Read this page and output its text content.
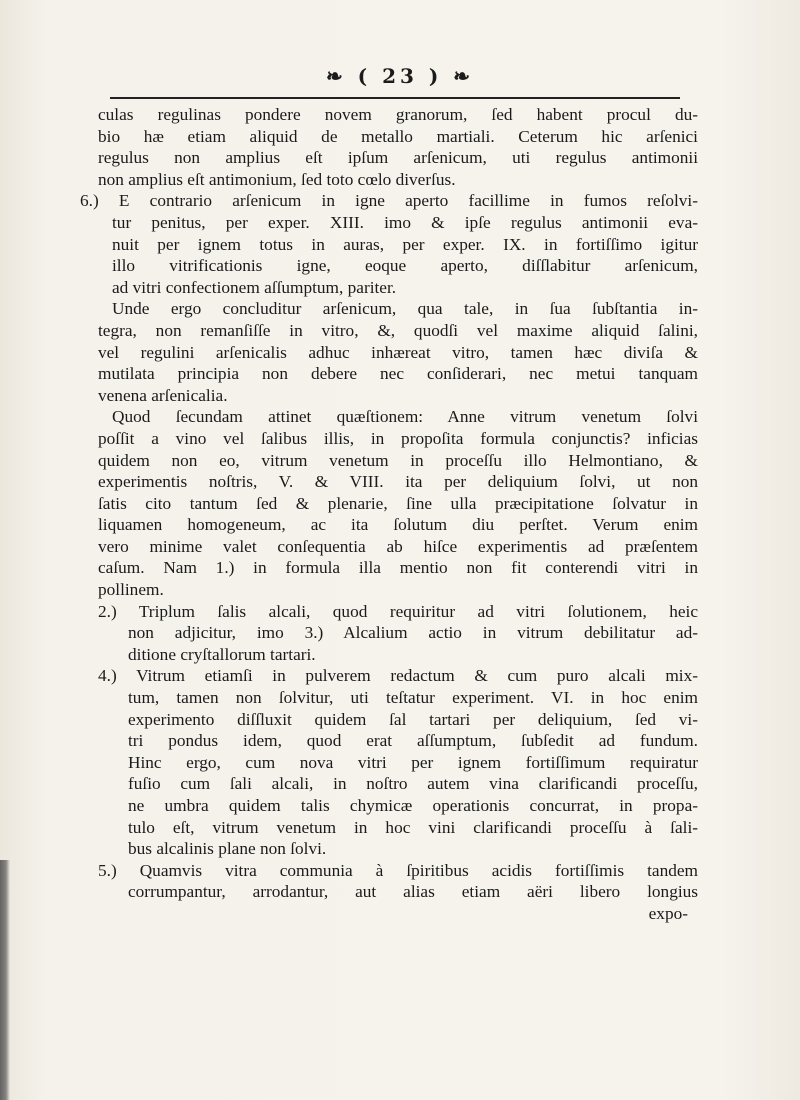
❧ ( 23 ) ❧
culas regulinas pondere novem granorum, ſed habent procul du-
bio hæ etiam aliquid de metallo martiali. Ceterum hic arſenici
regulus non amplius eſt ipſum arſenicum, uti regulus antimonii
non amplius eſt antimonium, ſed toto cœlo diverſus.
6.) E contrario arſenicum in igne aperto facillime in fumos reſolvi-
tur penitus, per exper. XIII. imo & ipſe regulus antimonii eva-
nuit per ignem totus in auras, per exper. IX. in fortiſſimo igitur
illo vitrificationis igne, eoque aperto, diſſlabitur arſenicum,
ad vitri confectionem aſſumptum, pariter.
Unde ergo concluditur arſenicum, qua tale, in ſua ſubſtantia in-
tegra, non remanſiſſe in vitro, &, quodſi vel maxime aliquid ſalini,
vel regulini arſenicalis adhuc inhæreat vitro, tamen hæc diviſa &
mutilata principia non debere nec conſiderari, nec metui tanquam
venena arſenicalia.
Quod ſecundam attinet quæſtionem: Anne vitrum venetum ſolvi
poſſit a vino vel ſalibus illis, in propoſita formula conjunctis? inficias
quidem non eo, vitrum venetum in proceſſu illo Helmontiano, &
experimentis noſtris, V. & VIII. ita per deliquium ſolvi, ut non
ſatis cito tantum ſed & plenarie, ſine ulla præcipitatione ſolvatur in
liquamen homogeneum, ac ita ſolutum diu perſtet. Verum enim
vero minime valet conſequentia ab hiſce experimentis ad præſentem
caſum. Nam 1.) in formula illa mentio non fit conterendi vitri in
pollinem.
2.) Triplum ſalis alcali, quod requiritur ad vitri ſolutionem, heic
non adjicitur, imo 3.) Alcalium actio in vitrum debilitatur ad-
ditione cryſtallorum tartari.
4.) Vitrum etiamſi in pulverem redactum & cum puro alcali mix-
tum, tamen non ſolvitur, uti teſtatur experiment. VI. in hoc enim
experimento diſſluxit quidem ſal tartari per deliquium, ſed vi-
tri pondus idem, quod erat aſſumptum, ſubſedit ad fundum.
Hinc ergo, cum nova vitri per ignem fortiſſimum requiratur
fuſio cum ſali alcali, in noſtro autem vina clarificandi proceſſu,
ne umbra quidem talis chymicæ operationis concurrat, in propa-
tulo eſt, vitrum venetum in hoc vini clarificandi proceſſu à ſali-
bus alcalinis plane non ſolvi.
5.) Quamvis vitra communia à ſpiritibus acidis fortiſſimis tandem
corrumpantur, arrodantur, aut alias etiam aëri libero longius
expo-
